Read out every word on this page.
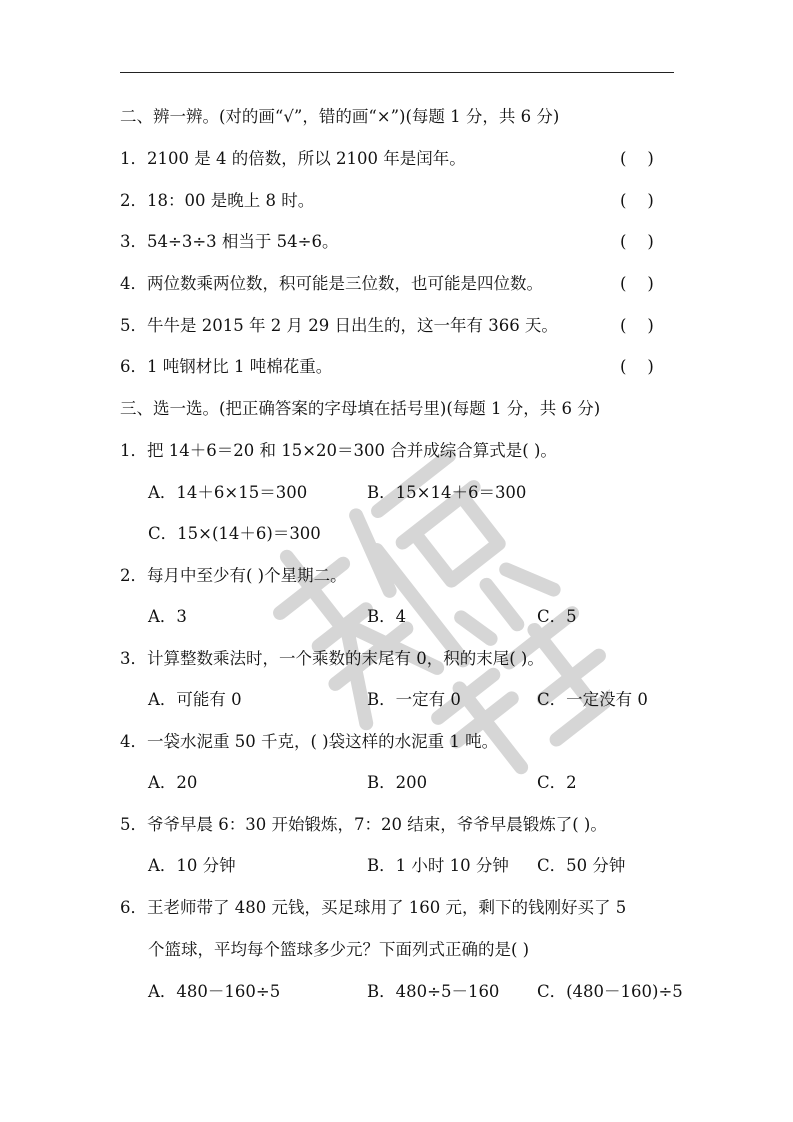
二、辨一辨。(对的画“√”，错的画“×”)(每题 1 分，共 6 分)
1．2100 是 4 的倍数，所以 2100 年是闰年。	(    )
2．18：00 是晚上 8 时。	(    )
3．54÷3÷3 相当于 54÷6。	(    )
4．两位数乘两位数，积可能是三位数，也可能是四位数。	(    )
5．牛牛是 2015 年 2 月 29 日出生的，这一年有 366 天。	(    )
6．1 吨钢材比 1 吨棉花重。	(    )
三、选一选。(把正确答案的字母填在括号里)(每题 1 分，共 6 分)
1．把 14＋6＝20 和 15×20＝300 合并成综合算式是( )。
A．14＋6×15＝300	B．15×14＋6＝300
C．15×(14＋6)＝300
2．每月中至少有( )个星期二。
A．3	B．4	C．5
3．计算整数乘法时，一个乘数的末尾有 0，积的末尾( )。
A．可能有 0	B．一定有 0	C．一定没有 0
4．一袋水泥重 50 千克，( )袋这样的水泥重 1 吨。
A．20	B．200	C．2
5．爷爷早晨 6：30 开始锻炼，7：20 结束，爷爷早晨锻炼了( )。
A．10 分钟	B．1 小时 10 分钟 C．50 分钟
6．王老师带了 480 元钱，买足球用了 160 元，剩下的钱刚好买了 5
个篮球，平均每个篮球多少元？下面列式正确的是( )
A．480－160÷5	B．480÷5－160 C．(480－160)÷5
